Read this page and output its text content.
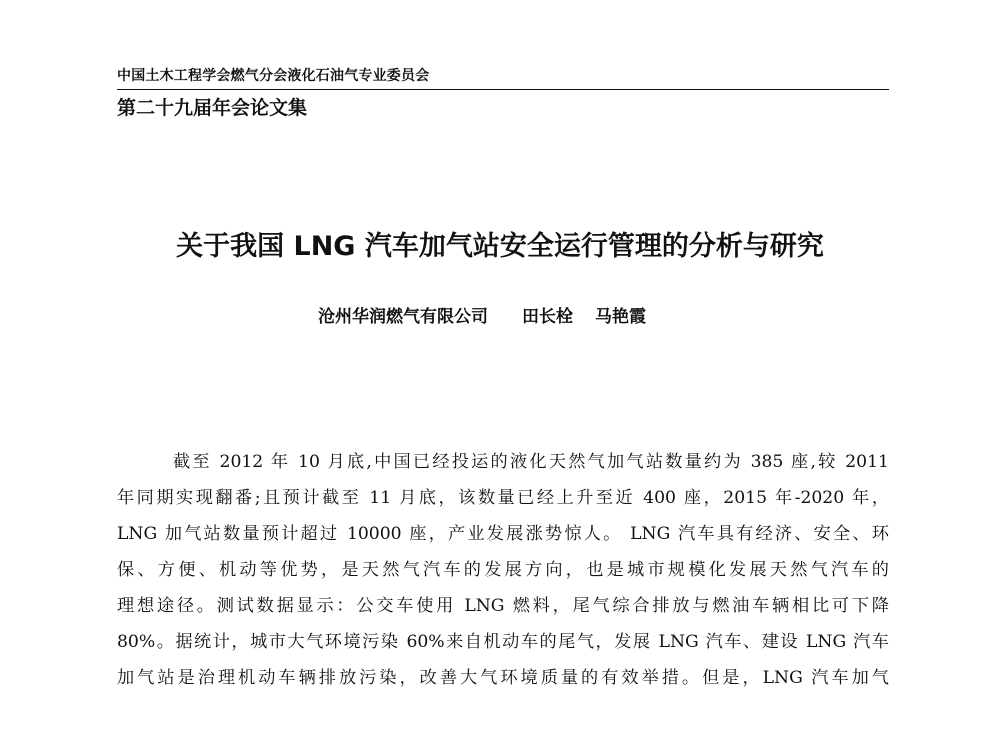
中国土木工程学会燃气分会液化石油气专业委员会
第二十九届年会论文集
关于我国 LNG 汽车加气站安全运行管理的分析与研究
沧州华润燃气有限公司 田长栓 马艳霞
截至 2012 年 10 月底,中国已经投运的液化天然气加气站数量约为 385 座,较 2011
年同期实现翻番;且预计截至 11 月底，该数量已经上升至近 400 座，2015 年-2020 年，
LNG 加气站数量预计超过 10000 座，产业发展涨势惊人。 LNG 汽车具有经济、安全、环
保、方便、机动等优势，是天然气汽车的发展方向，也是城市规模化发展天然气汽车的
理想途径。测试数据显示：公交车使用 LNG 燃料，尾气综合排放与燃油车辆相比可下降
80%。据统计，城市大气环境污染 60%来自机动车的尾气，发展 LNG 汽车、建设 LNG 汽车
加气站是治理机动车辆排放污染，改善大气环境质量的有效举措。但是，LNG 汽车加气
